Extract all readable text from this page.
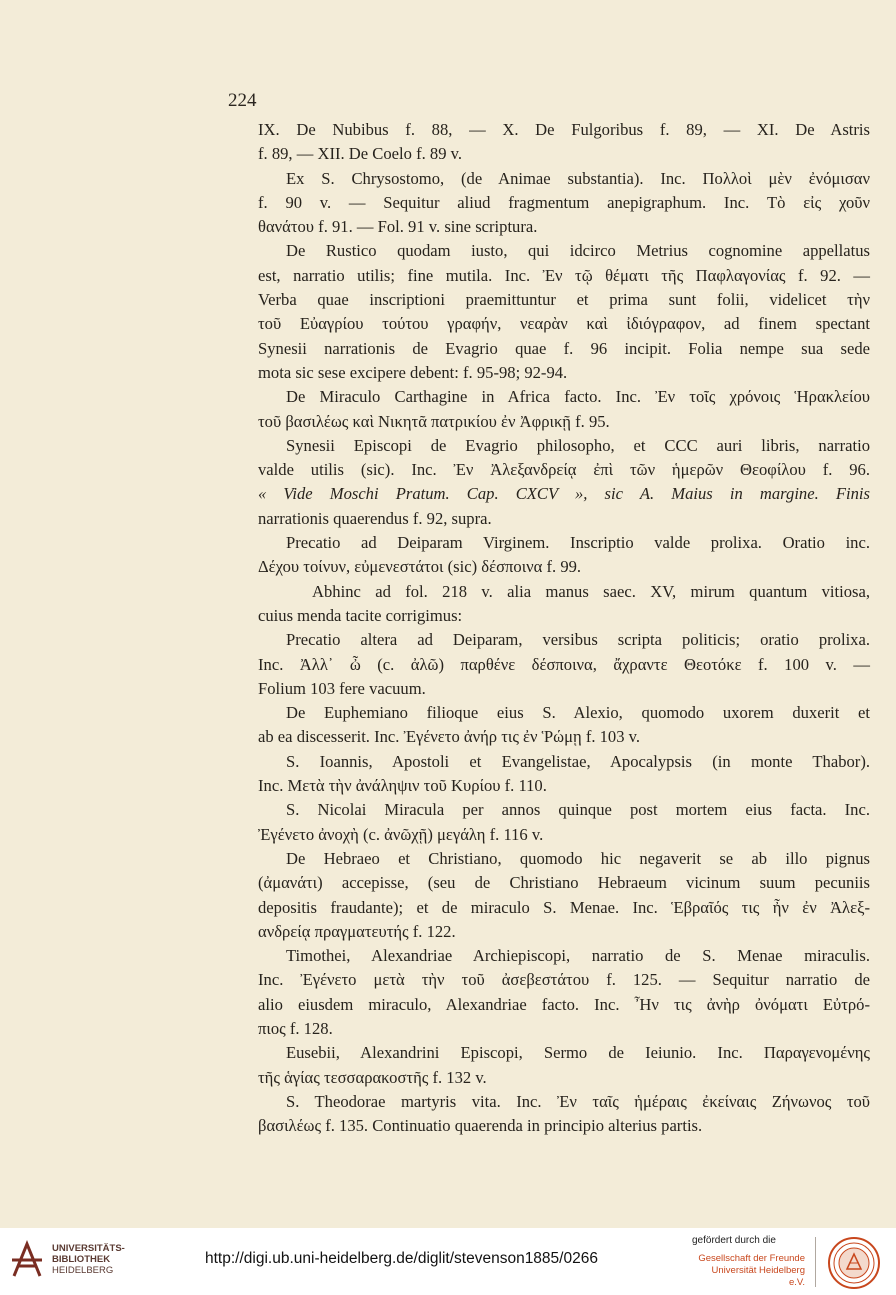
224
IX. De Nubibus f. 88, — X. De Fulgoribus f. 89, — XI. De Astris
f. 89, — XII. De Coelo f. 89 v.
Ex S. Chrysostomo, (de Animae substantia). Inc. Πολλοὶ μὲν ἐνόμισαν
f. 90 v. — Sequitur aliud fragmentum anepigraphum. Inc. Τὸ εἰς χοῦν
θανάτου f. 91. — Fol. 91 v. sine scriptura.
De Rustico quodam iusto, qui idcirco Metrius cognomine appellatus
est, narratio utilis; fine mutila. Inc. Ἐν τῷ θέματι τῆς Παφλαγονίας f. 92. —
Verba quae inscriptioni praemittuntur et prima sunt folii, videlicet τὴν
τοῦ Εὐαγρίου τούτου γραφήν, νεαρὰν καὶ ἰδιόγραφον, ad finem spectant
Synesii narrationis de Evagrio quae f. 96 incipit. Folia nempe sua sede
mota sic sese excipere debent: f. 95-98; 92-94.
De Miraculo Carthagine in Africa facto. Inc. Ἐν τοῖς χρόνοις Ἡρακλείου
τοῦ βασιλέως καὶ Νικητᾶ πατρικίου ἐν Ἀφρικῇ f. 95.
Synesii Episcopi de Evagrio philosopho, et CCC auri libris, narratio
valde utilis (sic). Inc. Ἐν Ἀλεξανδρείᾳ ἐπὶ τῶν ἡμερῶν Θεοφίλου f. 96.
« Vide Moschi Pratum. Cap. CXCV », sic A. Maius in margine. Finis
narrationis quaerendus f. 92, supra.
Precatio ad Deiparam Virginem. Inscriptio valde prolixa. Oratio inc.
Δέχου τοίνυν, εὐμενεστάτοι (sic) δέσποινα f. 99.
Abhinc ad fol. 218 v. alia manus saec. XV, mirum quantum vitiosa,
cuius menda tacite corrigimus:
Precatio altera ad Deiparam, versibus scripta politicis; oratio prolixa.
Inc. Ἀλλ᾽ ὦ (c. ἀλῶ) παρθένε δέσποινα, ἄχραντε Θεοτόκε f. 100 v. —
Folium 103 fere vacuum.
De Euphemiano filioque eius S. Alexio, quomodo uxorem duxerit et
ab ea discesserit. Inc. Ἐγένετο ἀνήρ τις ἐν Ῥώμῃ f. 103 v.
S. Ioannis, Apostoli et Evangelistae, Apocalypsis (in monte Thabor).
Inc. Μετὰ τὴν ἀνάληψιν τοῦ Κυρίου f. 110.
S. Nicolai Miracula per annos quinque post mortem eius facta. Inc.
Ἐγένετο ἀνοχὴ (c. ἀνῶχῇ) μεγάλη f. 116 v.
De Hebraeo et Christiano, quomodo hic negaverit se ab illo pignus
(ἀμανάτι) accepisse, (seu de Christiano Hebraeum vicinum suum pecuniis
depositis fraudante); et de miraculo S. Menae. Inc. Ἑβραῖός τις ἦν ἐν Ἀλεξ-
ανδρείᾳ πραγματευτής f. 122.
Timothei, Alexandriae Archiepiscopi, narratio de S. Menae miraculis.
Inc. Ἐγένετο μετὰ τὴν τοῦ ἀσεβεστάτου f. 125. — Sequitur narratio de
alio eiusdem miraculo, Alexandriae facto. Inc. Ἦν τις ἀνὴρ ὀνόματι Εὐτρό-
πιος f. 128.
Eusebii, Alexandrini Episcopi, Sermo de Ieiunio. Inc. Παραγενομένης
τῆς ἁγίας τεσσαρακοστῆς f. 132 v.
S. Theodorae martyris vita. Inc. Ἐν ταῖς ἡμέραις ἐκείναις Ζήνωνος τοῦ
βασιλέως f. 135. Continuatio quaerenda in principio alterius partis.
UNIVERSITÄTS-
BIBLIOTHEK
HEIDELBERG
http://digi.ub.uni-heidelberg.de/diglit/stevenson1885/0266
gefördert durch die
Gesellschaft der Freunde
Universität Heidelberg e.V.
